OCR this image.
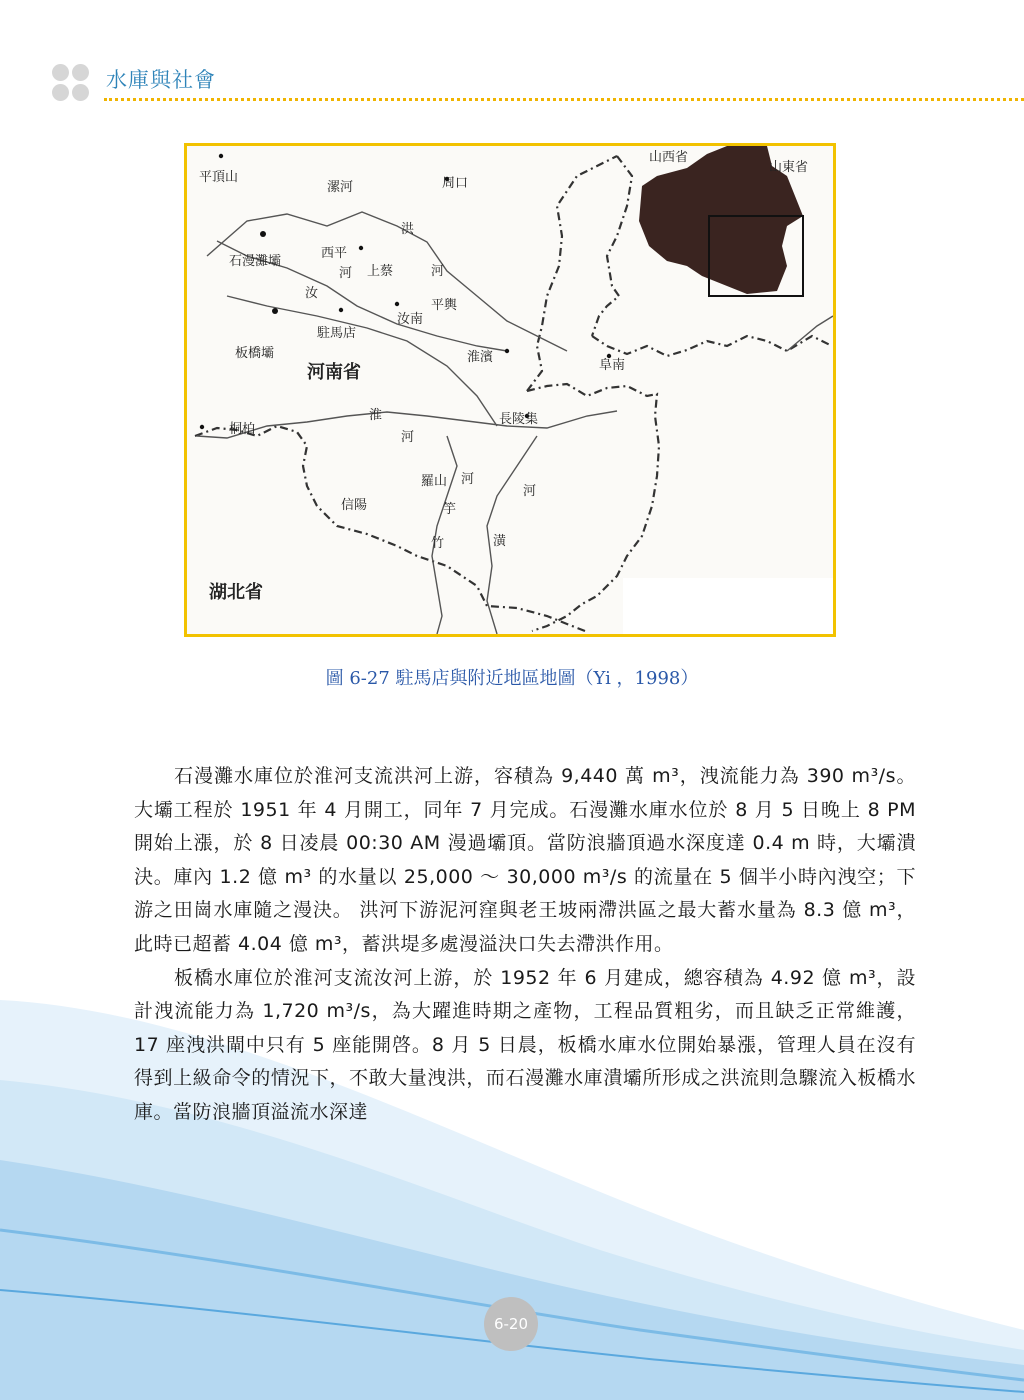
水庫與社會
平頂山
漯河	周口
山西省
山東省
洪
石漫灘壩
西平
上蔡
河	河
汝
汝南
平輿
駐馬店
板橋壩
河南省
淮濱
阜南
桐柏
淮
河
長陵集
羅山 河
河
信陽	竽
竹	潢
湖北省
圖 6-27 駐馬店與附近地區地圖（Yi ，1998）

石漫灘水庫位於淮河支流洪河上游，容積為 9,440 萬 m³，洩流能力為 390 m³/s。大壩工程於 1951 年 4 月開工，同年 7 月完成。石漫灘水庫水位於 8 月 5 日晚上 8 PM 開始上漲，於 8 日凌晨 00:30 AM 漫過壩頂。當防浪牆頂過水深度達 0.4 m 時，大壩潰決。庫內 1.2 億 m³ 的水量以 25,000 ～ 30,000 m³/s 的流量在 5 個半小時內洩空；下游之田崗水庫隨之漫決。 洪河下游泥河窪與老王坡兩滯洪區之最大蓄水量為 8.3 億 m³，此時已超蓄 4.04 億 m³，蓄洪堤多處漫溢決口失去滯洪作用。

板橋水庫位於淮河支流汝河上游，於 1952 年 6 月建成，總容積為 4.92 億 m³，設計洩流能力為 1,720 m³/s，為大躍進時期之產物，工程品質粗劣，而且缺乏正常維護，17 座洩洪閘中只有 5 座能開啓。8 月 5 日晨，板橋水庫水位開始暴漲，管理人員在沒有得到上級命令的情況下，不敢大量洩洪，而石漫灘水庫潰壩所形成之洪流則急驟流入板橋水庫。當防浪牆頂溢流水深達

6-20
